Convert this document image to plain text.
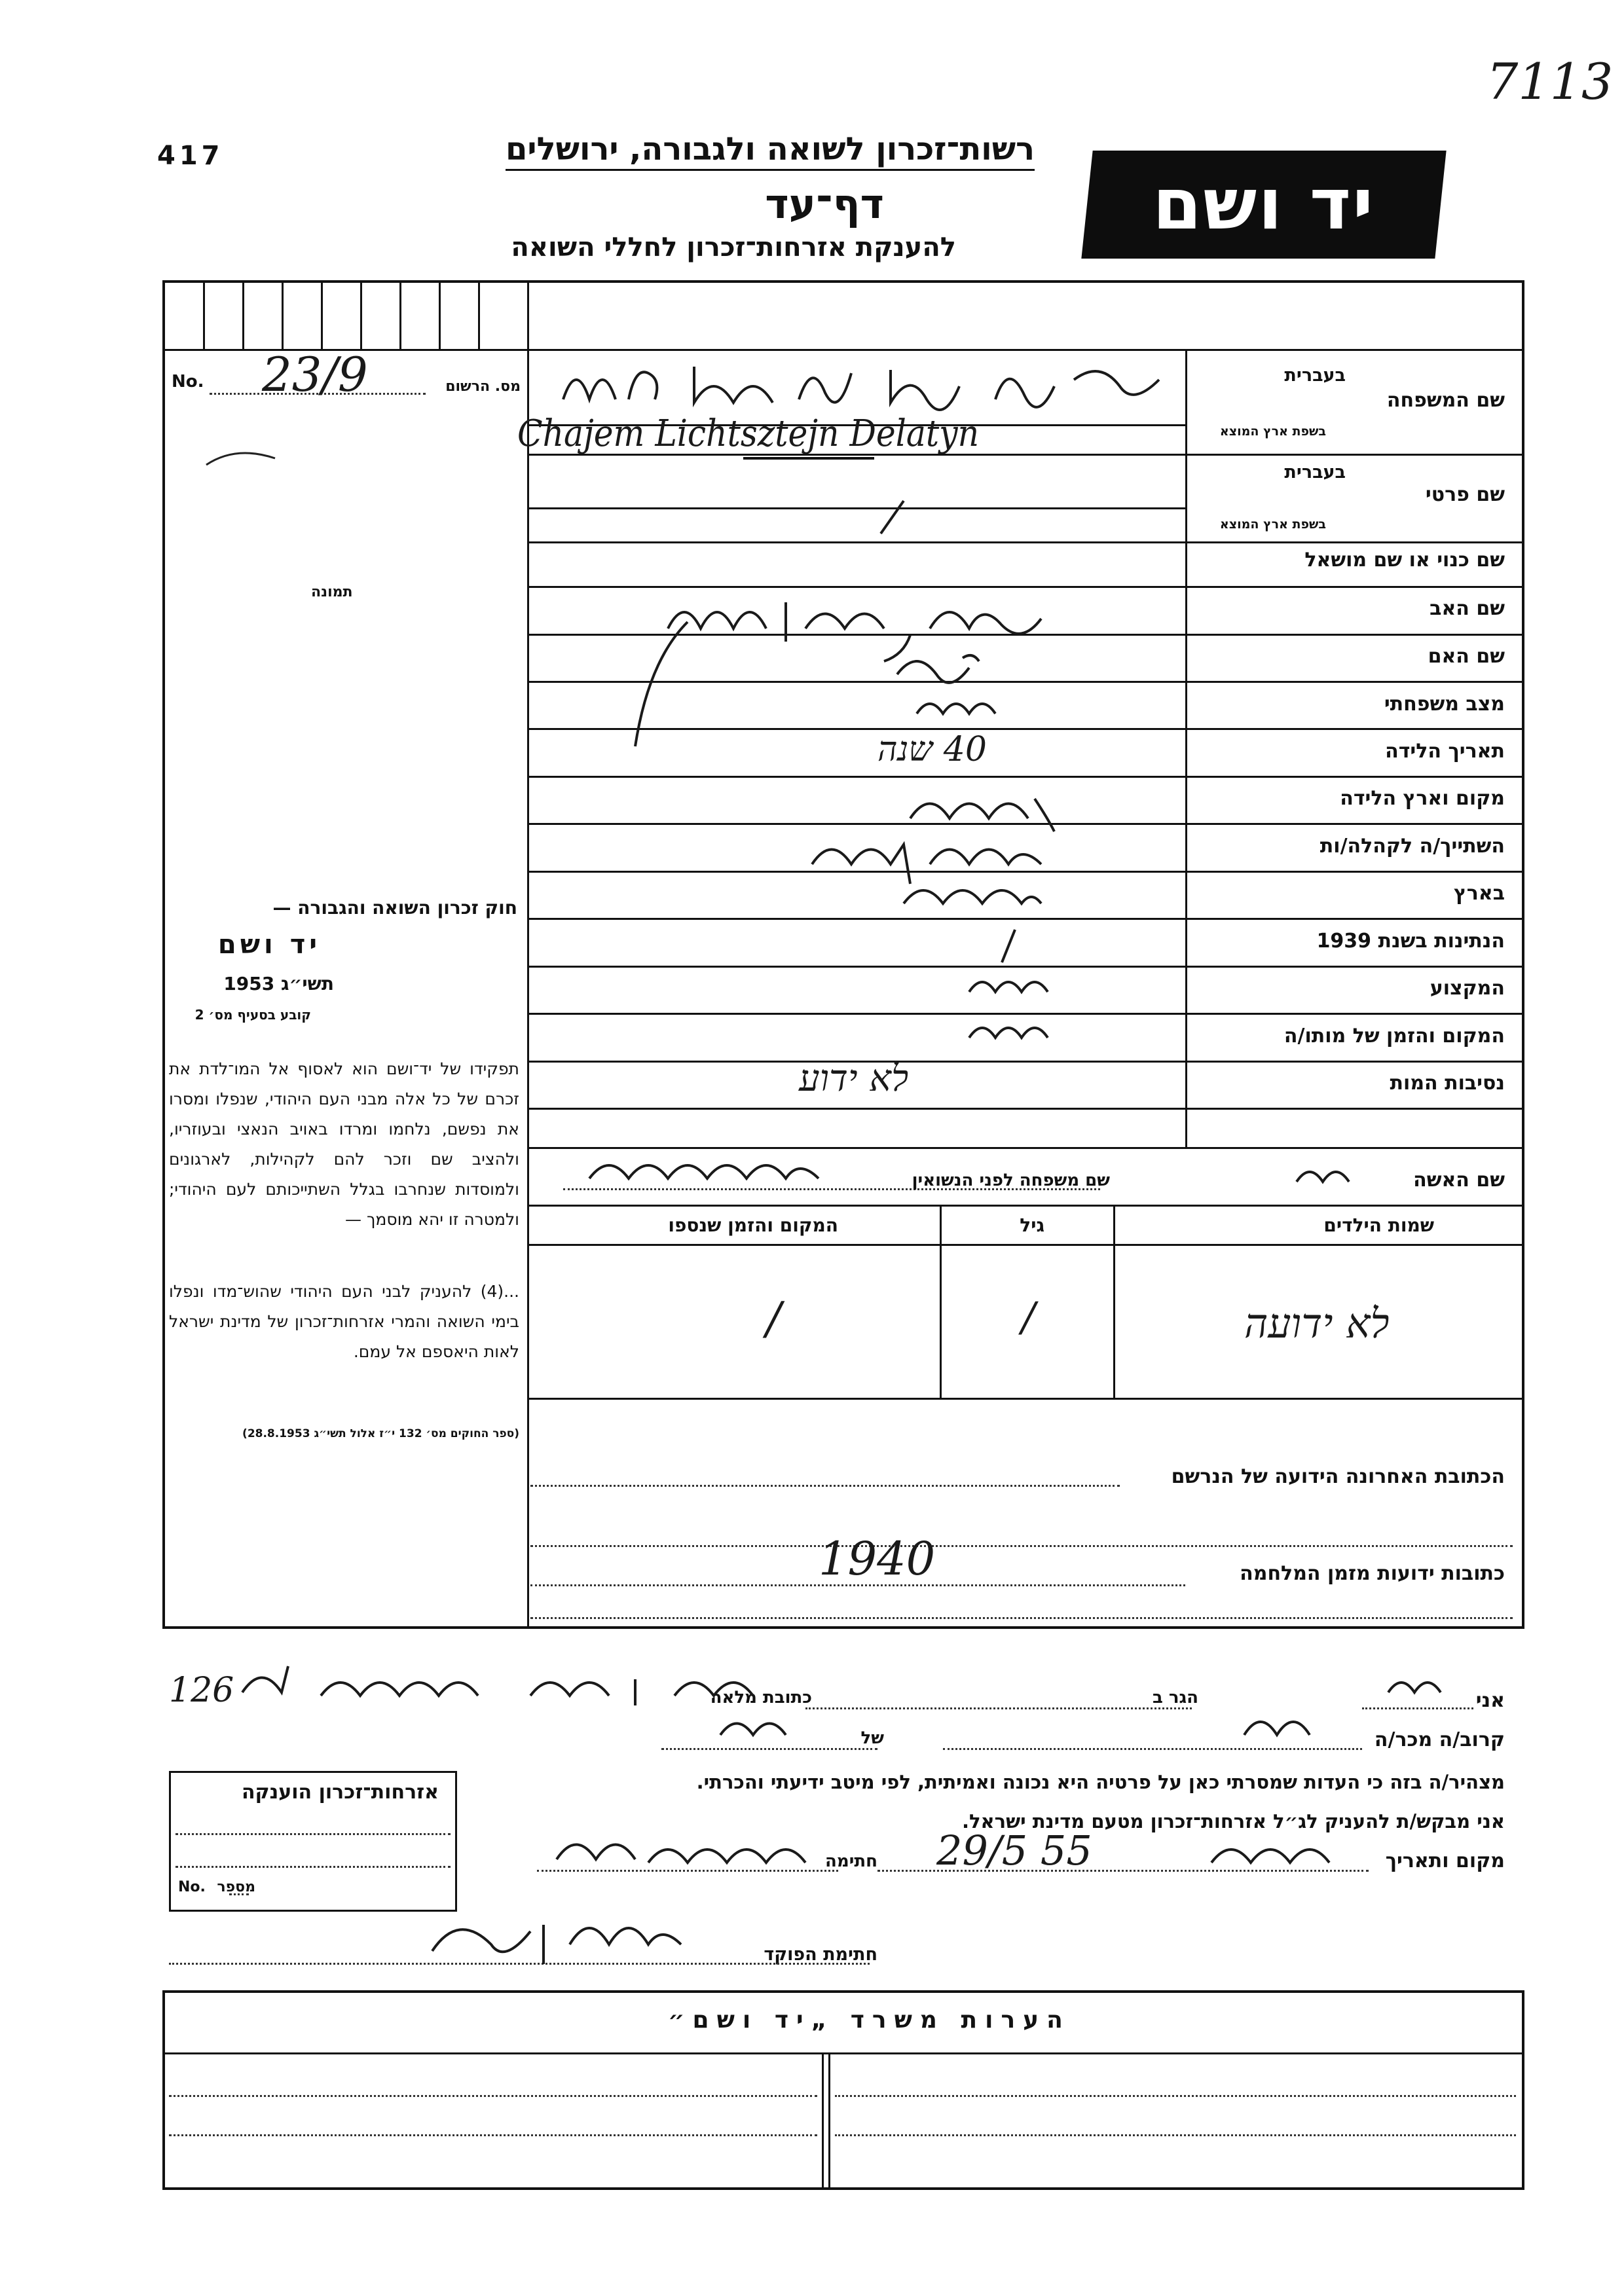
7113
417	רשות־זכרון לשואה ולגבורה, ירושלים
דף־עד
להענקת אזרחות־זכרון לחללי השואה
יד ושם
No. 23/9	מס. הרשום
תמונה
בעברית
שם המשפחה
בשפת ארץ המוצא
בעברית
שם פרטי
בשפת ארץ המוצא
שם כנוי או שם מושאל
שם האב
שם האם
מצב משפחתי
תאריך הלידה
מקום וארץ הלידה
השתייך/ה לקהלה/ות
בארץ
הנתינות בשנת 1939
המקצוע
המקום והזמן של מותו/ה
נסיבות המות
Chajem Lichtsztejn Delatyn
40 שנה
לא ידוע
חוק זכרון השואה והגבורה —
יד ושם
תשי״ג 1953
קובע בסעיף מס׳ 2
תפקידו של יד־ושם הוא לאסוף אל המו־לדת את זכרם של כל אלה מבני העם היהודי, שנפלו ומסרו את נפשם, נלחמו ומרדו באויב הנאצי ובעוזריו, ולהציב שם וזכר להם לקהילות, לארגונים ולמוסדות שנחרבו בגלל השתייכותם לעם היהודי; ולמטרה זו יהא מוסמך —
...(4) להעניק לבני העם היהודי שהוש־מדו ונפלו בימי השואה והמרי אזרחות־זכרון של מדינת ישראל לאות היאספם אל עמם.
(ספר החוקים מס׳ 132 י״ז אלול תשי״ג 28.8.1953)
שם האשה
שם משפחה לפני הנשואין
שמות הילדים
גיל
המקום והזמן שנספו
לא ידועה
/
/
הכתובת האחרונה הידועה של הנרשם
כתובות ידועות מזמן המלחמה
1940
אני
הגר ב
כתובת מלאה
126
קרוב/ה מכר/ה
של
מצהיר/ה בזה כי העדות שמסרתי כאן על פרטיה היא נכונה ואמיתית, לפי מיטב ידיעתי והכרתי.
אני מבקש/ת להעניק לג״ל אזרחות־זכרון מטעם מדינת ישראל.
מקום ותאריך
29/5 55
חתימה
חתימת הפוקד
אזרחות־זכרון הוענקה
No. מספר
הערות משרד „יד ושם״
